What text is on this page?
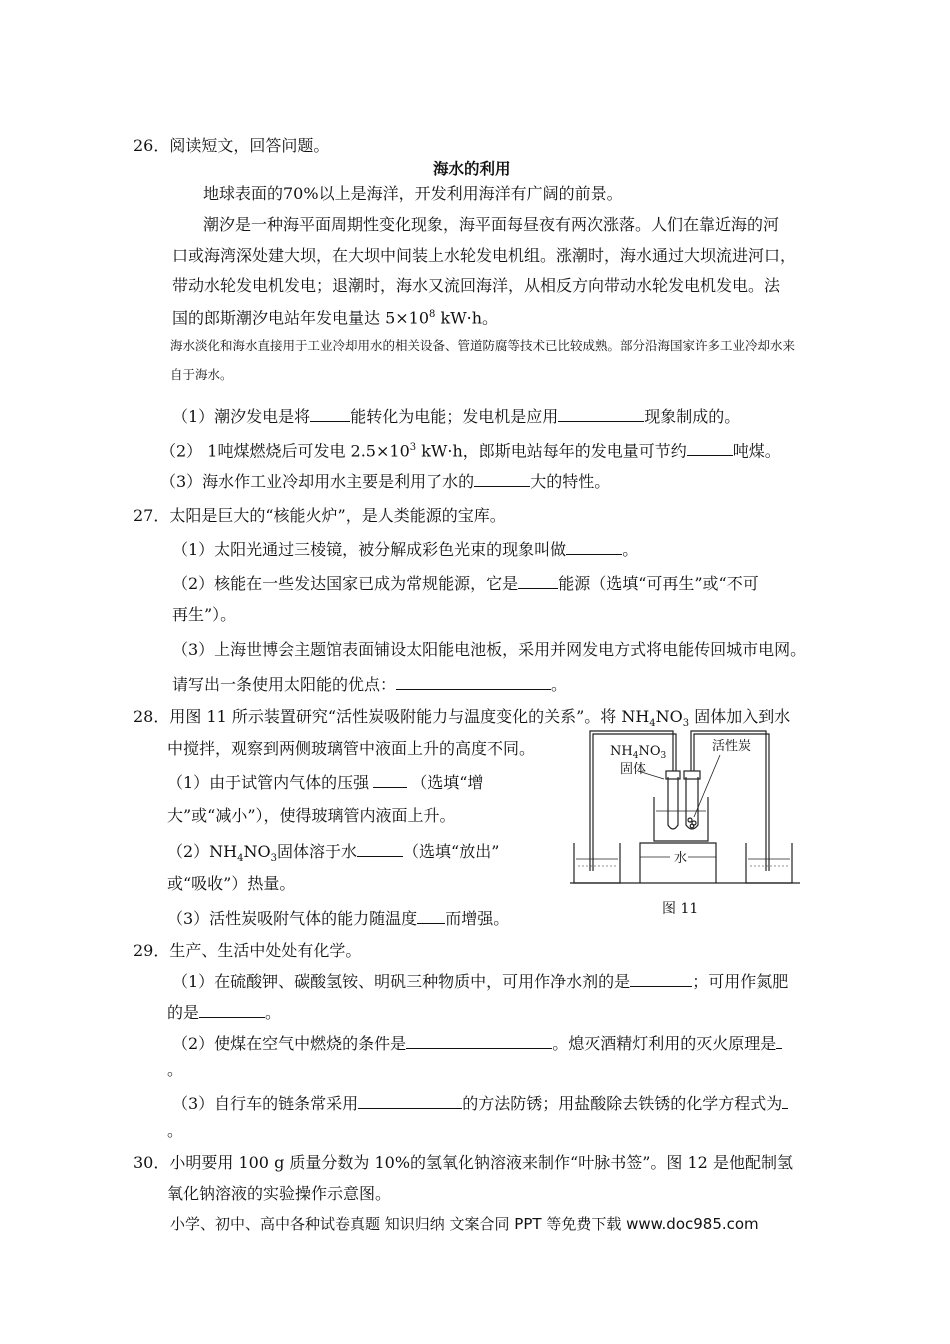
26．阅读短文，回答问题。
海水的利用
地球表面的70%以上是海洋，开发利用海洋有广阔的前景。
潮汐是一种海平面周期性变化现象，海平面每昼夜有两次涨落。人们在靠近海的河
口或海湾深处建大坝，在大坝中间装上水轮发电机组。涨潮时，海水通过大坝流进河口，
带动水轮发电机发电；退潮时，海水又流回海洋，从相反方向带动水轮发电机发电。法
国的郎斯潮汐电站年发电量达 $5\times 10^8$ kW·h。
海水淡化和海水直接用于工业冷却用水的相关设备、管道防腐等技术已比较成熟。部分沿海国家许多工业冷却水来
自于海水。
（1）潮汐发电是将	能转化为电能；发电机是应用	现象制成的。
（2） 1吨煤燃烧后可发电 $2.5\times 10^3$ kW·h，郎斯电站每年的发电量可节约	吨煤。
（3）海水作工业冷却用水主要是利用了水的	大的特性。
27．太阳是巨大的“核能火炉”，是人类能源的宝库。
（1）太阳光通过三棱镜，被分解成彩色光束的现象叫做	。
（2）核能在一些发达国家已成为常规能源，它是	能源（选填“可再生”或“不可
再生”）。
（3）上海世博会主题馆表面铺设太阳能电池板，采用并网发电方式将电能传回城市电网。
请写出一条使用太阳能的优点：	。
28．用图 11 所示装置研究“活性炭吸附能力与温度变化的关系”。将 $NH_4NO_3$ 固体加入到水
中搅拌，观察到两侧玻璃管中液面上升的高度不同。
（1）由于试管内气体的压强	（选填“增
大”或“减小”），使得玻璃管内液面上升。
$(2)NH_4NO_3$固体溶于水	（选填“放出”
或“吸收”）热量。
（3）活性炭吸附气体的能力随温度 而增强。
$NH_4NO_3$
固体
活性炭
水
图 11
29．生产、生活中处处有化学。
（1）在硫酸钾、碳酸氢铵、明矾三种物质中，可用作净水剂的是	；可用作氮肥
的是	。
（2）使煤在空气中燃烧的条件是	。熄灭酒精灯利用的灭火原理是
。
（3）自行车的链条常采用	的方法防锈；用盐酸除去铁锈的化学方程式为
。
30．小明要用 100 g 质量分数为 10%的氢氧化钠溶液来制作“叶脉书签”。图 12 是他配制氢
氧化钠溶液的实验操作示意图。
小学、初中、高中各种试卷真题 知识归纳 文案合同 PPT 等免费下载 www.doc985.com
